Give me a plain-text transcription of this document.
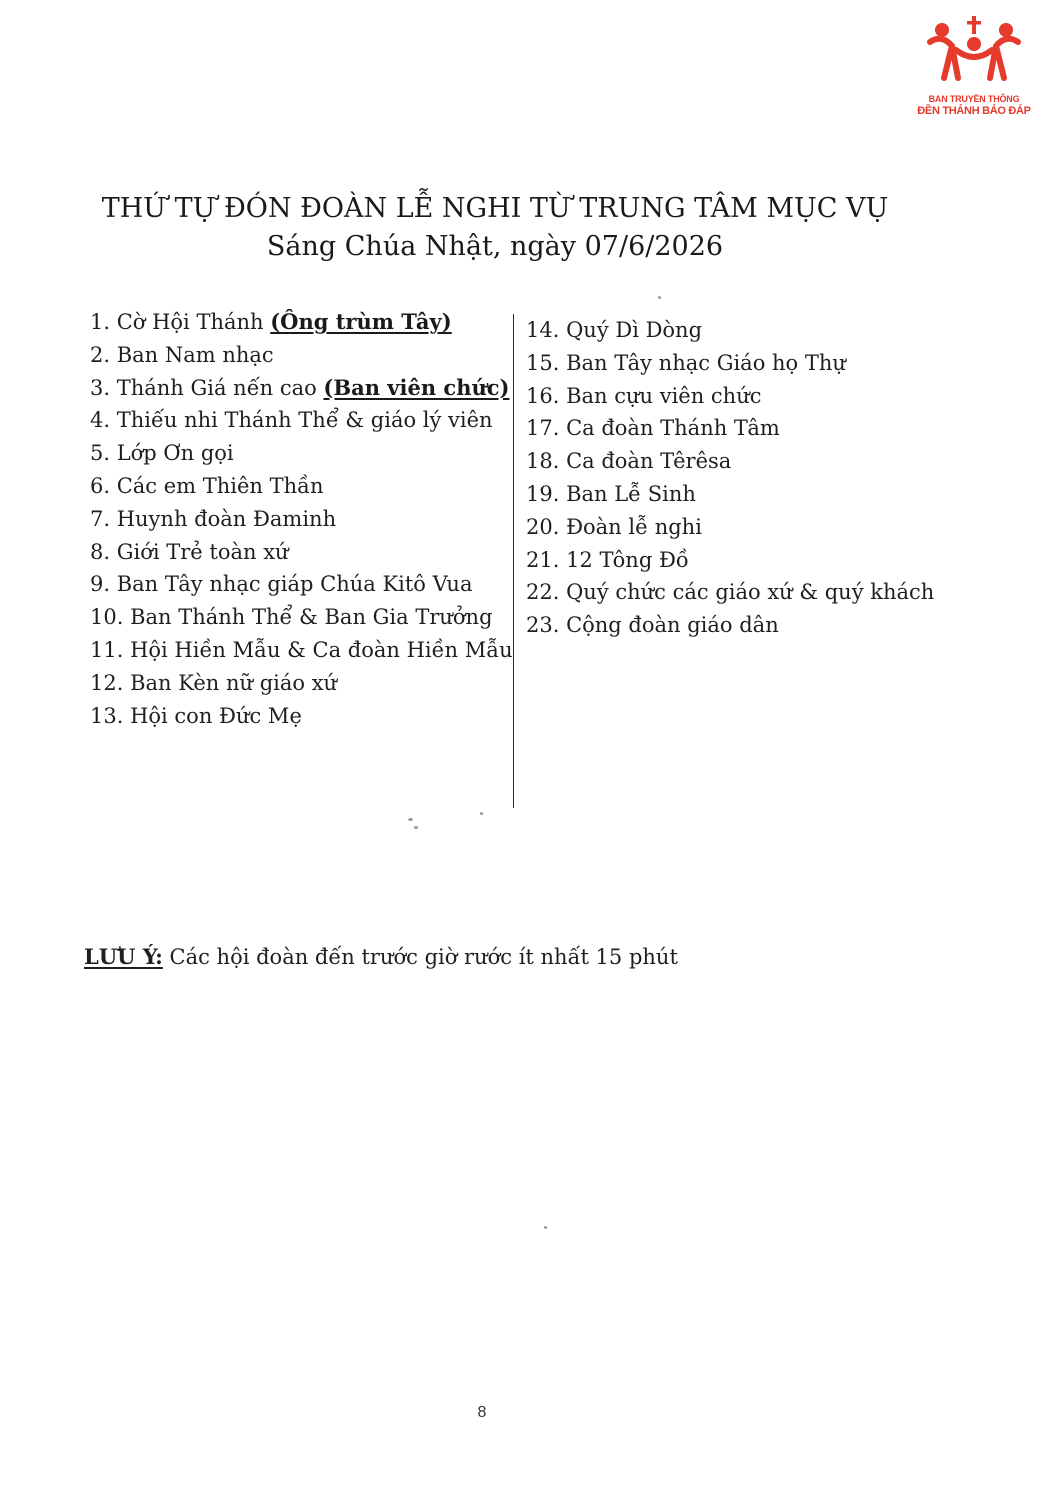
BAN TRUYỀN THÔNG
ĐỀN THÁNH BÁO ĐÁP
THỨ TỰ ĐÓN ĐOÀN LỄ NGHI TỪ TRUNG TÂM MỤC VỤ
Sáng Chúa Nhật, ngày 07/6/2026
1. Cờ Hội Thánh (Ông trùm Tây)
2. Ban Nam nhạc
3. Thánh Giá nến cao (Ban viên chức)
4. Thiếu nhi Thánh Thể & giáo lý viên
5. Lớp Ơn gọi
6. Các em Thiên Thần
7. Huynh đoàn Đaminh
8. Giới Trẻ toàn xứ
9. Ban Tây nhạc giáp Chúa Kitô Vua
10. Ban Thánh Thể & Ban Gia Trưởng
11. Hội Hiền Mẫu & Ca đoàn Hiền Mẫu
12. Ban Kèn nữ giáo xứ
13. Hội con Đức Mẹ
14. Quý Dì Dòng
15. Ban Tây nhạc Giáo họ Thự
16. Ban cựu viên chức
17. Ca đoàn Thánh Tâm
18. Ca đoàn Têrêsa
19. Ban Lễ Sinh
20. Đoàn lễ nghi
21. 12 Tông Đồ
22. Quý chức các giáo xứ & quý khách
23. Cộng đoàn giáo dân
LƯU Ý: Các hội đoàn đến trước giờ rước ít nhất 15 phút
8
